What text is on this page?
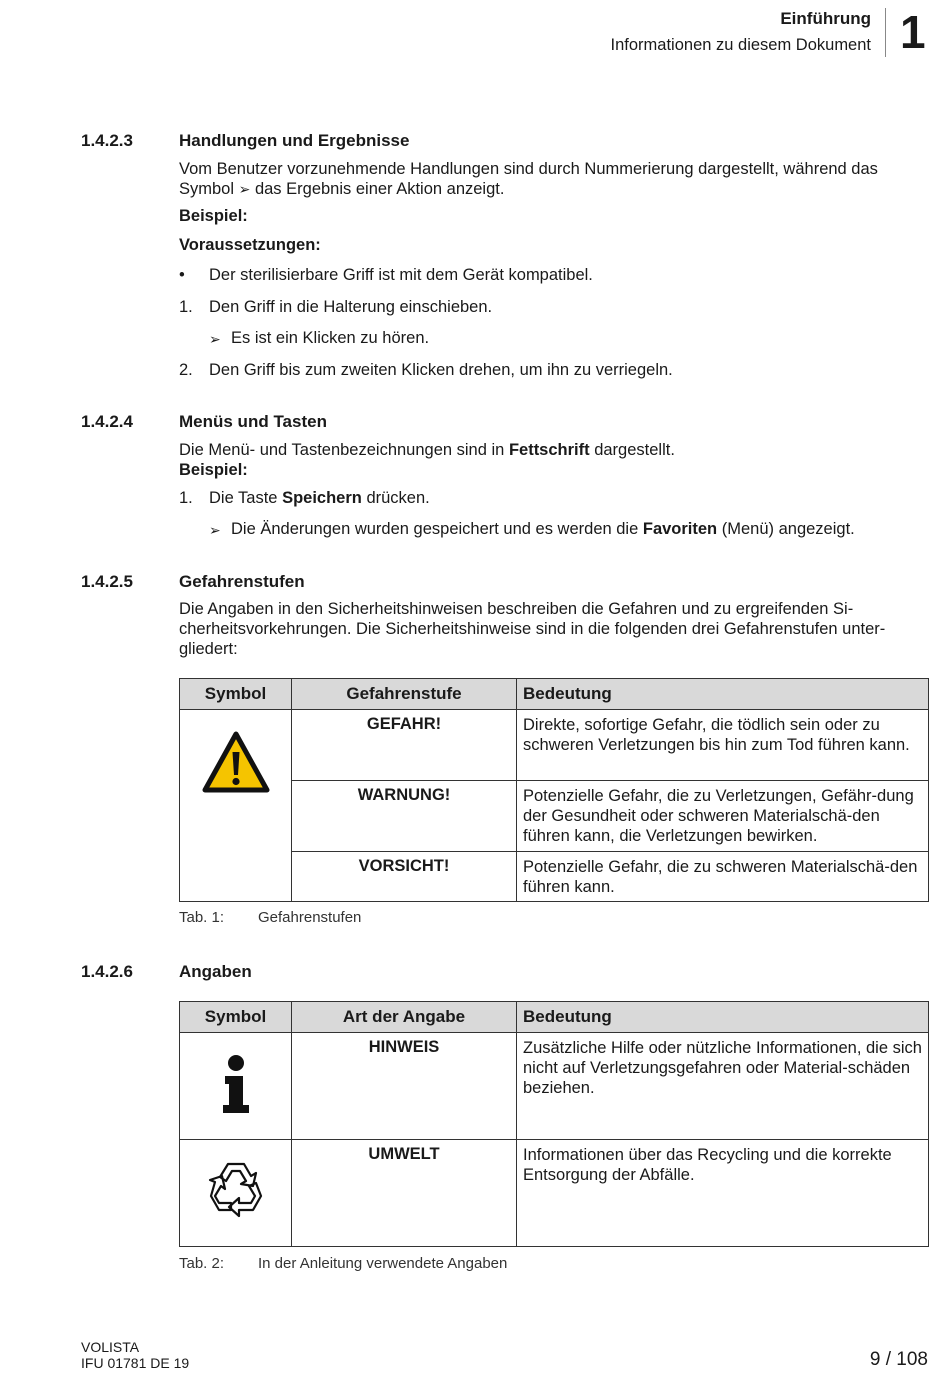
Einführung
Informationen zu diesem Dokument 1
1.4.2.3	Handlungen und Ergebnisse
Vom Benutzer vorzunehmende Handlungen sind durch Nummerierung dargestellt, während das
Symbol ➢ das Ergebnis einer Aktion anzeigt.
Beispiel:
Voraussetzungen:
• Der sterilisierbare Griff ist mit dem Gerät kompatibel.
1. Den Griff in die Halterung einschieben.
➢ Es ist ein Klicken zu hören.
2. Den Griff bis zum zweiten Klicken drehen, um ihn zu verriegeln.
1.4.2.4	Menüs und Tasten
Die Menü- und Tastenbezeichnungen sind in Fettschrift dargestellt.
Beispiel:
1. Die Taste Speichern drücken.
➢ Die Änderungen wurden gespeichert und es werden die Favoriten (Menü) angezeigt.
1.4.2.5	Gefahrenstufen
Die Angaben in den Sicherheitshinweisen beschreiben die Gefahren und zu ergreifenden Si-
cherheitsvorkehrungen. Die Sicherheitshinweise sind in die folgenden drei Gefahrenstufen unter-
gliedert:
Symbol	Gefahrenstufe	Bedeutung
	GEFAHR!	Direkte, sofortige Gefahr, die tödlich sein oder zu schweren Verletzungen bis hin zum Tod führen kann.
	WARNUNG!	Potenzielle Gefahr, die zu Verletzungen, Gefähr-dung der Gesundheit oder schweren Materialschä-den führen kann, die Verletzungen bewirken.
	VORSICHT!	Potenzielle Gefahr, die zu schweren Materialschä-den führen kann.
Tab. 1: Gefahrenstufen
1.4.2.6	Angaben
Symbol	Art der Angabe	Bedeutung
	HINWEIS	Zusätzliche Hilfe oder nützliche Informationen, die sich nicht auf Verletzungsgefahren oder Material-schäden beziehen.
	UMWELT	Informationen über das Recycling und die korrekte Entsorgung der Abfälle.
Tab. 2: In der Anleitung verwendete Angaben
VOLISTA
IFU 01781 DE 19	9 / 108
